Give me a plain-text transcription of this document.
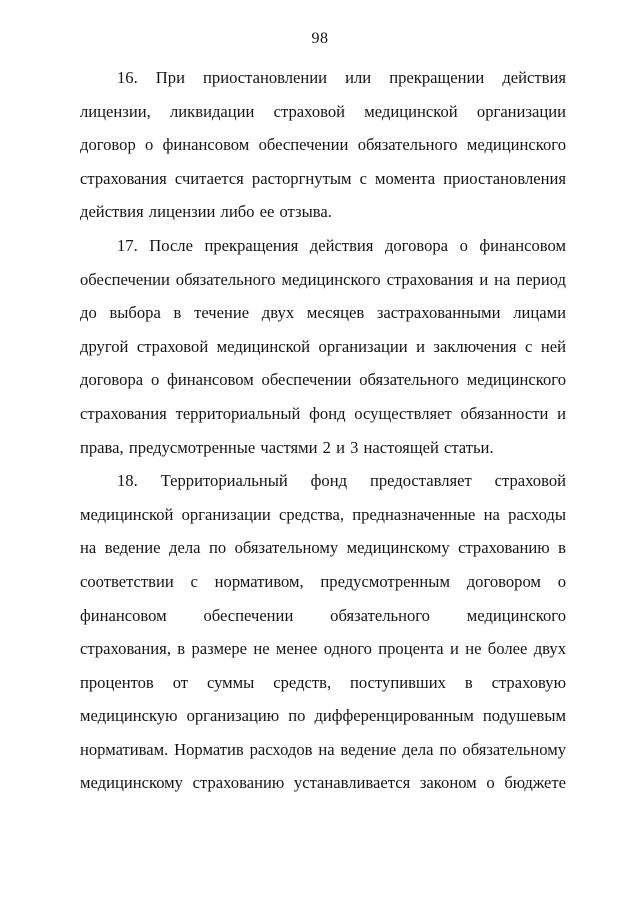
98

16. При приостановлении или прекращении действия лицензии, ликвидации страховой медицинской организации договор о финансовом обеспечении обязательного медицинского страхования считается расторгнутым с момента приостановления действия лицензии либо ее отзыва.

17. После прекращения действия договора о финансовом обеспечении обязательного медицинского страхования и на период до выбора в течение двух месяцев застрахованными лицами другой страховой медицинской организации и заключения с ней договора о финансовом обеспечении обязательного медицинского страхования территориальный фонд осуществляет обязанности и права, предусмотренные частями 2 и 3 настоящей статьи.

18. Территориальный фонд предоставляет страховой медицинской организации средства, предназначенные на расходы на ведение дела по обязательному медицинскому страхованию в соответствии с нормативом, предусмотренным договором о финансовом обеспечении обязательного медицинского страхования, в размере не менее одного процента и не более двух процентов от суммы средств, поступивших в страховую медицинскую организацию по дифференцированным подушевым нормативам. Норматив расходов на ведение дела по обязательному медицинскому страхованию устанавливается законом о бюджете
